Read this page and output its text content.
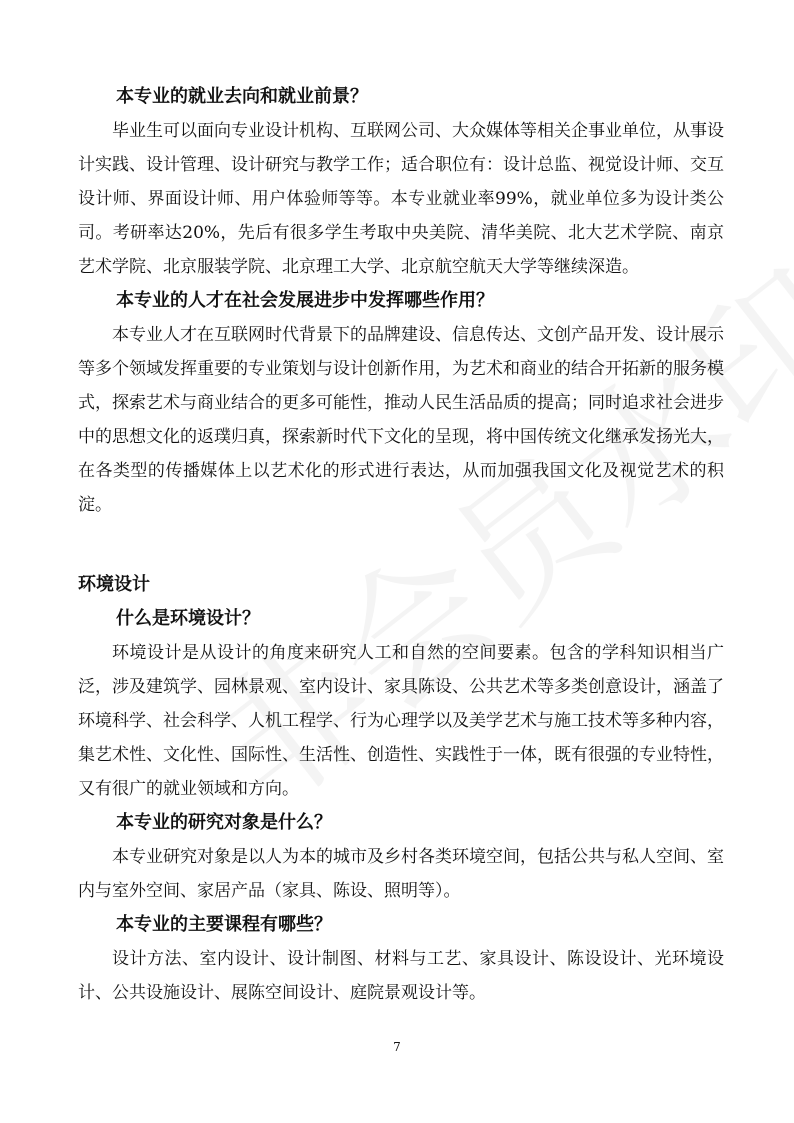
本专业的就业去向和就业前景？

毕业生可以面向专业设计机构、互联网公司、大众媒体等相关企事业单位，从事设计实践、设计管理、设计研究与教学工作；适合职位有：设计总监、视觉设计师、交互设计师、界面设计师、用户体验师等等。本专业就业率99%，就业单位多为设计类公司。考研率达20%，先后有很多学生考取中央美院、清华美院、北大艺术学院、南京艺术学院、北京服装学院、北京理工大学、北京航空航天大学等继续深造。

本专业的人才在社会发展进步中发挥哪些作用？

本专业人才在互联网时代背景下的品牌建设、信息传达、文创产品开发、设计展示等多个领域发挥重要的专业策划与设计创新作用，为艺术和商业的结合开拓新的服务模式，探索艺术与商业结合的更多可能性，推动人民生活品质的提高；同时追求社会进步中的思想文化的返璞归真，探索新时代下文化的呈现，将中国传统文化继承发扬光大，在各类型的传播媒体上以艺术化的形式进行表达，从而加强我国文化及视觉艺术的积淀。

环境设计
什么是环境设计？

环境设计是从设计的角度来研究人工和自然的空间要素。包含的学科知识相当广泛，涉及建筑学、园林景观、室内设计、家具陈设、公共艺术等多类创意设计，涵盖了环境科学、社会科学、人机工程学、行为心理学以及美学艺术与施工技术等多种内容，集艺术性、文化性、国际性、生活性、创造性、实践性于一体，既有很强的专业特性，又有很广的就业领域和方向。

本专业的研究对象是什么？

本专业研究对象是以人为本的城市及乡村各类环境空间，包括公共与私人空间、室内与室外空间、家居产品（家具、陈设、照明等）。

本专业的主要课程有哪些？

设计方法、室内设计、设计制图、材料与工艺、家具设计、陈设设计、光环境设计、公共设施设计、展陈空间设计、庭院景观设计等。

7
